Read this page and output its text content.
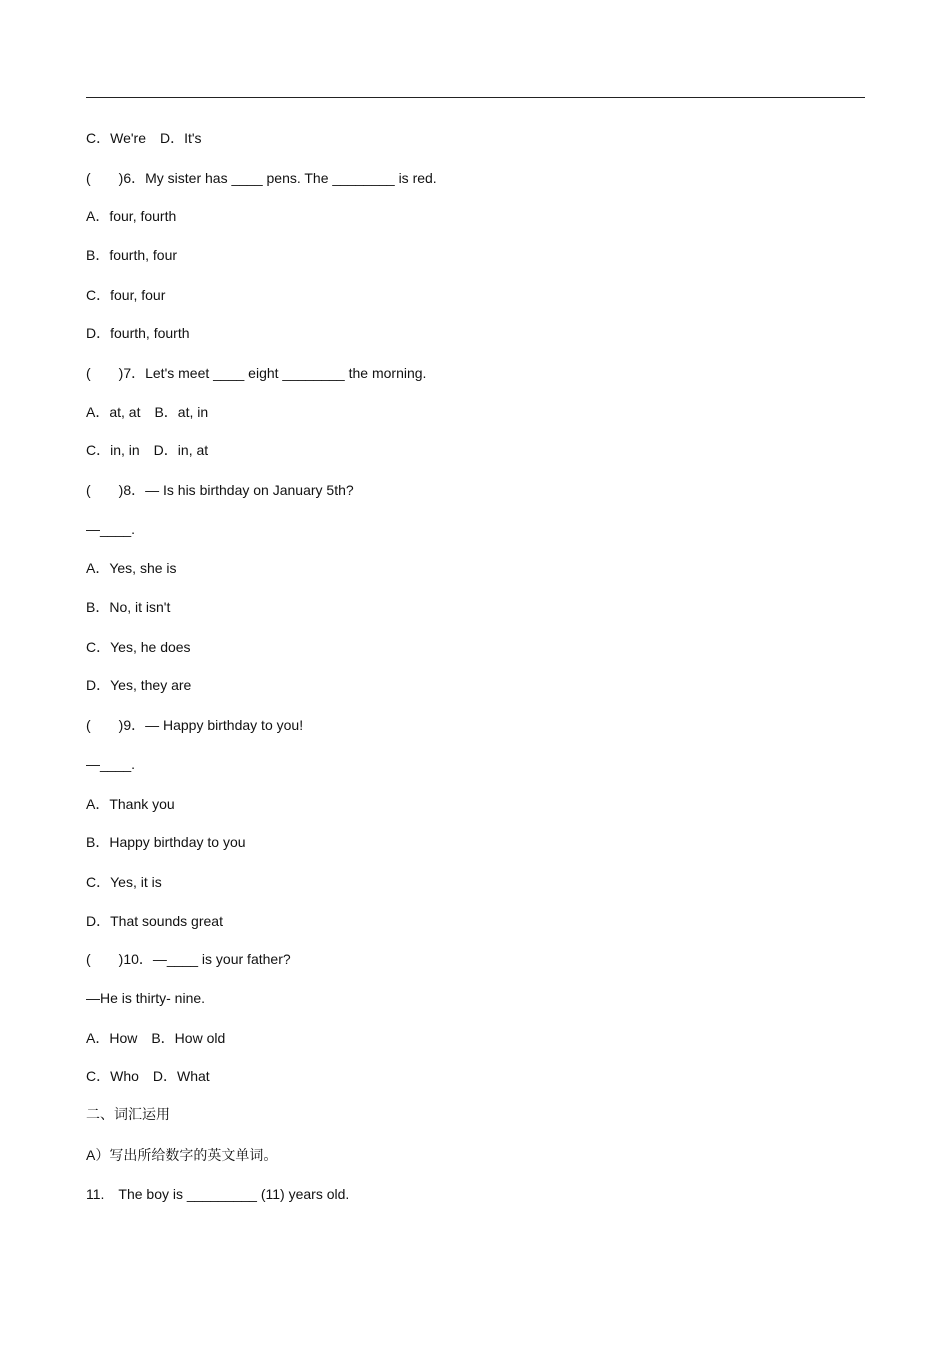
C．We're　D．It's
(　　)6．My sister has ____ pens. The ________ is red.
A．four, fourth
B．fourth, four
C．four, four
D．fourth, fourth
(　　)7．Let's meet ____ eight ________ the morning.
A．at, at　B．at, in
C．in, in　D．in, at
(　　)8．— Is his birthday on January 5th?
—____.
A．Yes, she is
B．No, it isn't
C．Yes, he does
D．Yes, they are
(　　)9．— Happy birthday to you!
—____.
A．Thank you
B．Happy birthday to you
C．Yes, it is
D．That sounds great
(　　)10．—____ is your father?
—He is thirty- nine.
A．How　B．How old
C．Who　D．What
二、词汇运用
A）写出所给数字的英文单词。
11.　The boy is _________ (11) years old.
